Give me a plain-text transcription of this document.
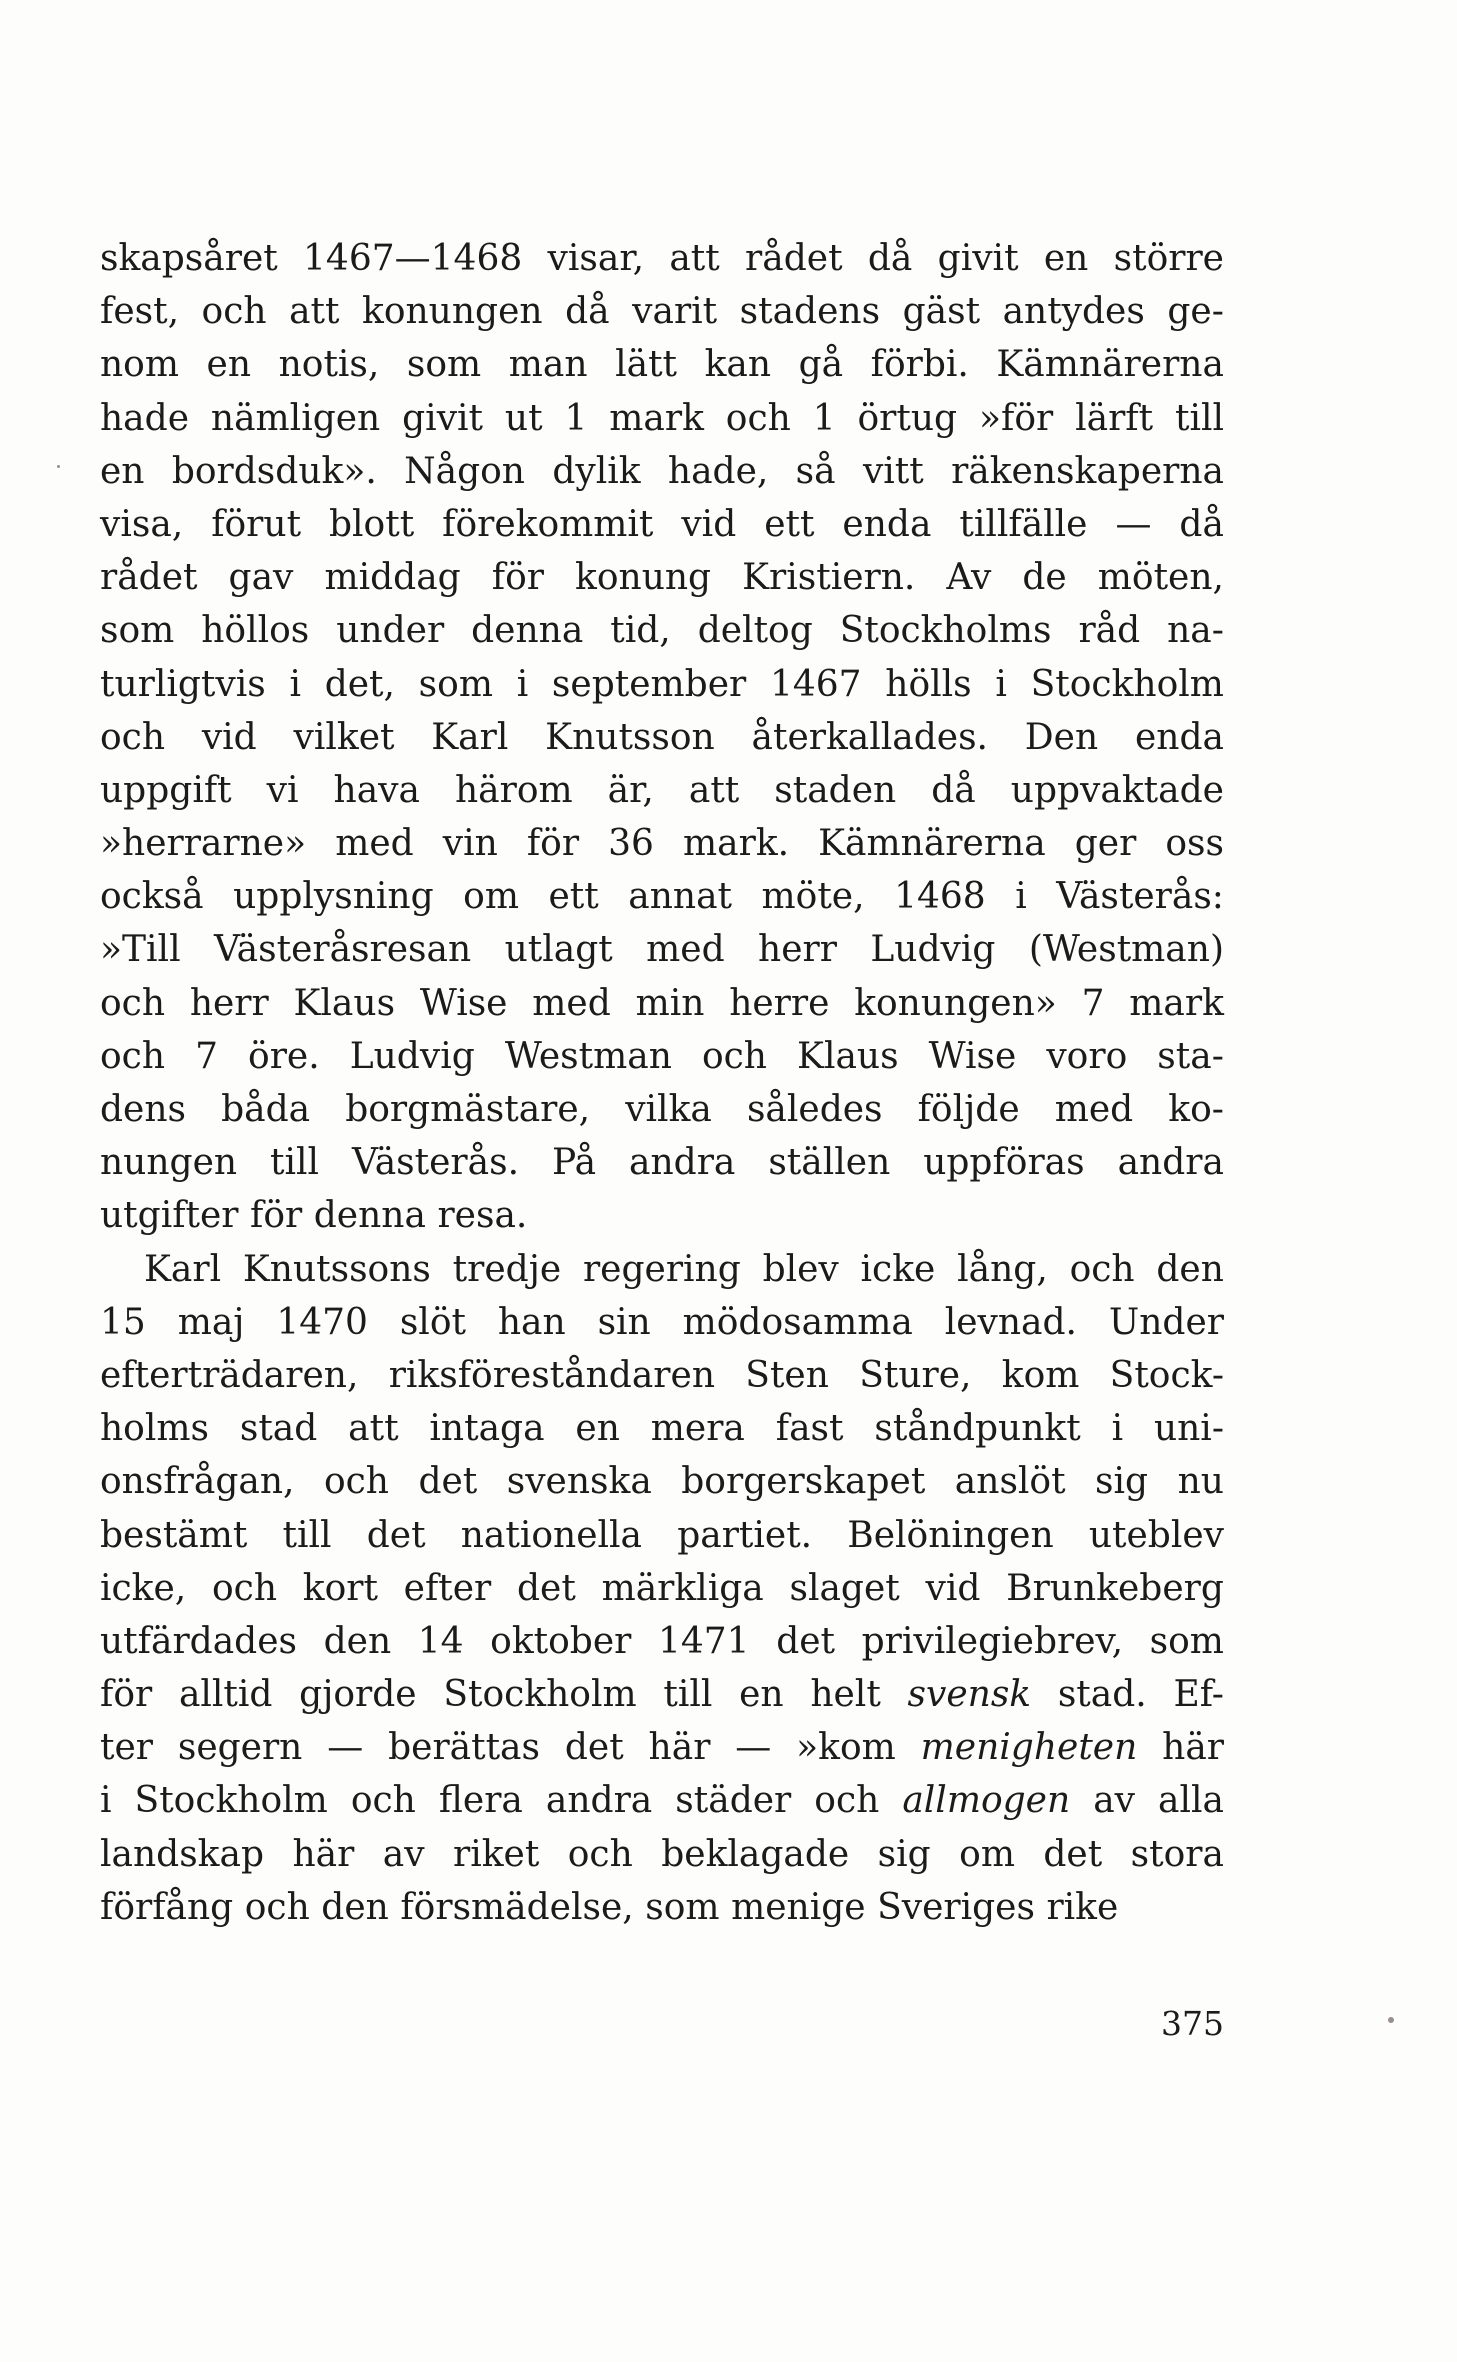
skapsåret 1467—1468 visar, att rådet då givit en större
fest, och att konungen då varit stadens gäst antydes ge-
nom en notis, som man lätt kan gå förbi. Kämnärerna
hade nämligen givit ut 1 mark och 1 örtug »för lärft till
en bordsduk». Någon dylik hade, så vitt räkenskaperna
visa, förut blott förekommit vid ett enda tillfälle — då
rådet gav middag för konung Kristiern. Av de möten,
som höllos under denna tid, deltog Stockholms råd na-
turligtvis i det, som i september 1467 hölls i Stockholm
och vid vilket Karl Knutsson återkallades. Den enda
uppgift vi hava härom är, att staden då uppvaktade
»herrarne» med vin för 36 mark. Kämnärerna ger oss
också upplysning om ett annat möte, 1468 i Västerås:
»Till Västeråsresan utlagt med herr Ludvig (Westman)
och herr Klaus Wise med min herre konungen» 7 mark
och 7 öre. Ludvig Westman och Klaus Wise voro sta-
dens båda borgmästare, vilka således följde med ko-
nungen till Västerås. På andra ställen uppföras andra
utgifter för denna resa.
Karl Knutssons tredje regering blev icke lång, och den
15 maj 1470 slöt han sin mödosamma levnad. Under
efterträdaren, riksföreståndaren Sten Sture, kom Stock-
holms stad att intaga en mera fast ståndpunkt i uni-
onsfrågan, och det svenska borgerskapet anslöt sig nu
bestämt till det nationella partiet. Belöningen uteblev
icke, och kort efter det märkliga slaget vid Brunkeberg
utfärdades den 14 oktober 1471 det privilegiebrev, som
för alltid gjorde Stockholm till en helt svensk stad. Ef-
ter segern — berättas det här — »kom menigheten här
i Stockholm och flera andra städer och allmogen av alla
landskap här av riket och beklagade sig om det stora
förfång och den försmädelse, som menige Sveriges rike
375
